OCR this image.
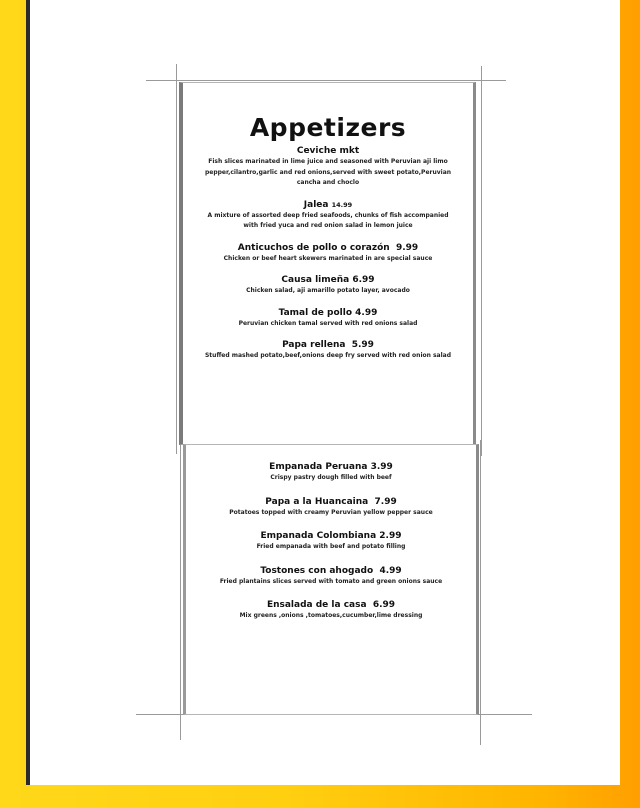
Appetizers
Ceviche mkt
Fish slices marinated in lime juice and seasoned with Peruvian aji limo pepper,cilantro,garlic and red onions,served with sweet potato,Peruvian cancha and choclo
Jalea 14.99
A mixture of assorted deep fried seafoods, chunks of fish accompanied with fried yuca and red onion salad in lemon juice
Anticuchos de pollo o corazón 9.99
Chicken or beef heart skewers marinated in are special sauce
Causa limeña 6.99
Chicken salad, aji amarillo potato layer, avocado
Tamal de pollo 4.99
Peruvian chicken tamal served with red onions salad
Papa rellena 5.99
Stuffed mashed potato,beef,onions deep fry served with red onion salad
Empanada Peruana 3.99
Crispy pastry dough filled with beef
Papa a la Huancaina 7.99
Potatoes topped with creamy Peruvian yellow pepper sauce
Empanada Colombiana 2.99
Fried empanada with beef and potato filling
Tostones con ahogado 4.99
Fried plantains slices served with tomato and green onions sauce
Ensalada de la casa 6.99
Mix greens ,onions ,tomatoes,cucumber,lime dressing
